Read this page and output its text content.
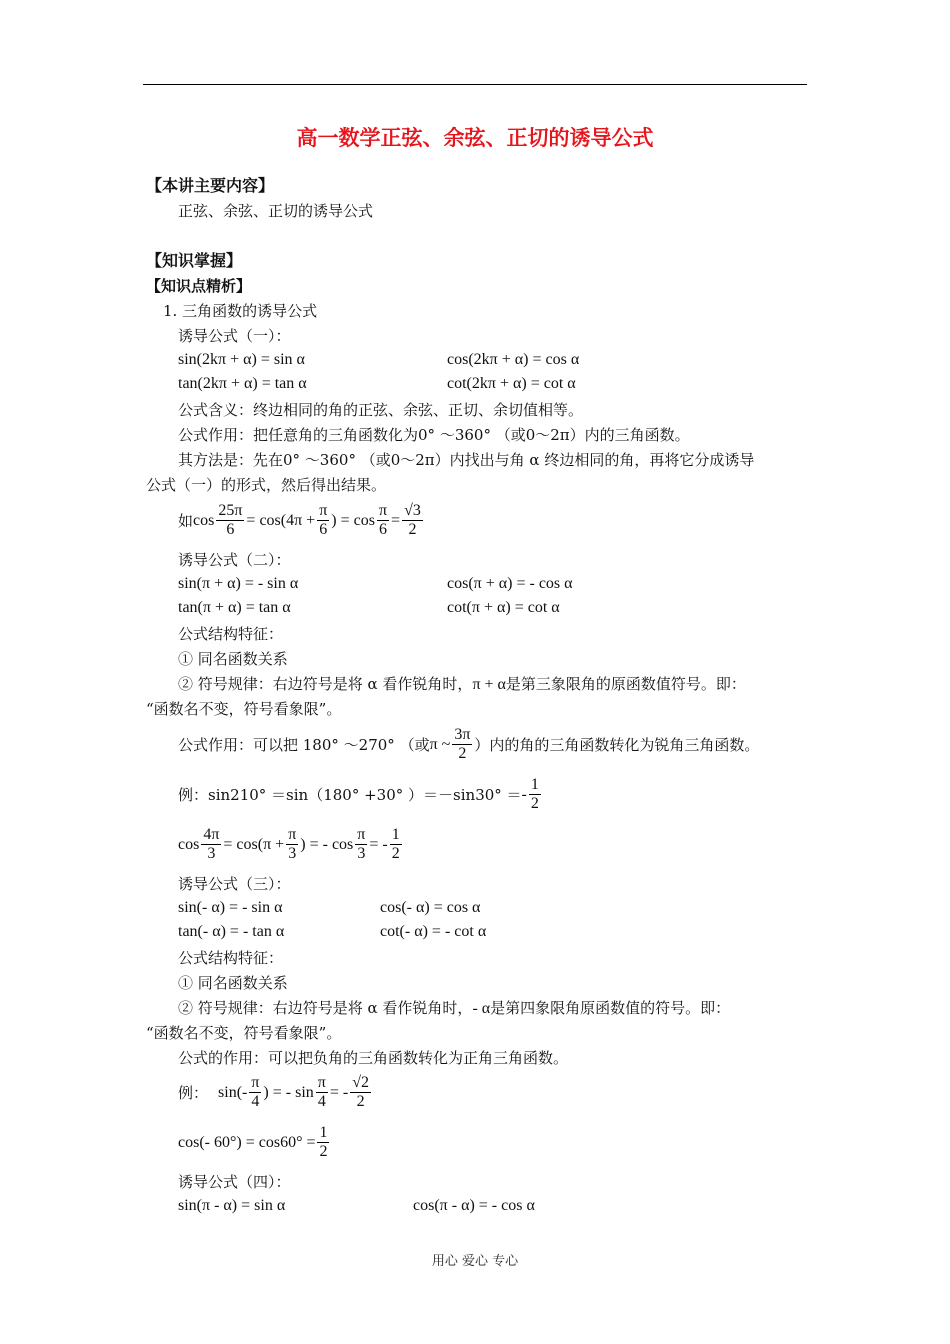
高一数学正弦、余弦、正切的诱导公式
【本讲主要内容】
正弦、余弦、正切的诱导公式
【知识掌握】
【知识点精析】
1. 三角函数的诱导公式
诱导公式（一）：
sin(2kπ + α) = sin α	cos(2kπ + α) = cos α
tan(2kπ + α) = tan α	cot(2kπ + α) = cot α
公式含义：终边相同的角的正弦、余弦、正切、余切值相等。
公式作用：把任意角的三角函数化为0° ～360° （或0～2π）内的三角函数。
其方法是：先在0° ～360° （或0～2π）内找出与角 α 终边相同的角，再将它分成诱导
公式（一）的形式，然后得出结果。
如 $\cos \frac{25\pi}{6} = \cos(4\pi + \frac{\pi}{6}$ ) = $\cos \frac{\pi}{6} = \frac{√3}{2}$
诱导公式（二）：
sin(π + α) = - sin α	cos(π + α) = - cos α
tan(π + α) = tan α	cot(π + α) = cot α
公式结构特征：
① 同名函数关系
② 符号规律：右边符号是将 α 看作锐角时，π + α是第三象限角的原函数值符号。即：
“函数名不变，符号看象限”。
公式作用：可以把 180° ～270° （或 π ~ $\frac{3\pi}{2}$ ）内的角的三角函数转化为锐角三角函数。
例：sin210° ＝sin（180° +30° ）＝－sin30° ＝ - $\frac{1}{2}$
$\cos \frac{4\pi}{3} = \cos(\pi + \frac{\pi}{3}$ ) = - $\cos \frac{\pi}{3}$ = - $\frac{1}{2}$
诱导公式（三）：
sin(- α) = - sin α	cos(- α) = cos α
tan(- α) = - tan α	cot(- α) = - cot α
公式结构特征：
① 同名函数关系
② 符号规律：右边符号是将 α 看作锐角时，- α是第四象限角原函数值的符号。即：
“函数名不变，符号看象限”。
公式的作用：可以把负角的三角函数转化为正角三角函数。
例： $\sin(- \frac{\pi}{4}$ ) = - $\sin \frac{\pi}{4}$ = - $\frac{√2}{2}$
cos(- $60^\circ) = \cos 60^\circ = \frac{1}{2}$
诱导公式（四）：
sin(π - α) = sin α	cos(π - α) = - cos α
用心 爱心 专心
